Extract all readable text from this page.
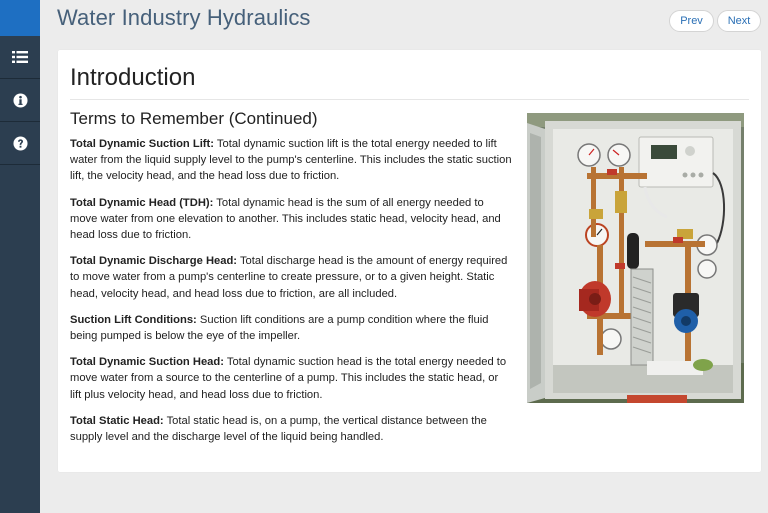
Water Industry Hydraulics	Prev	Next
Introduction
Terms to Remember (Continued)

Total Dynamic Suction Lift: Total dynamic suction lift is the total energy needed to lift water from the liquid supply level to the pump's centerline. This includes the static suction lift, the velocity head, and the head loss due to friction.

Total Dynamic Head (TDH): Total dynamic head is the sum of all energy needed to move water from one elevation to another. This includes static head, velocity head, and head loss due to friction.

Total Dynamic Discharge Head: Total discharge head is the amount of energy required to move water from a pump's centerline to create pressure, or to a given height. Static head, velocity head, and head loss due to friction, are all included.

Suction Lift Conditions: Suction lift conditions are a pump condition where the fluid being pumped is below the eye of the impeller.

Total Dynamic Suction Head: Total dynamic suction head is the total energy needed to move water from a source to the centerline of a pump. This includes the static head, or lift plus velocity head, and head loss due to friction.

Total Static Head: Total static head is, on a pump, the vertical distance between the supply level and the discharge level of the liquid being handled.
